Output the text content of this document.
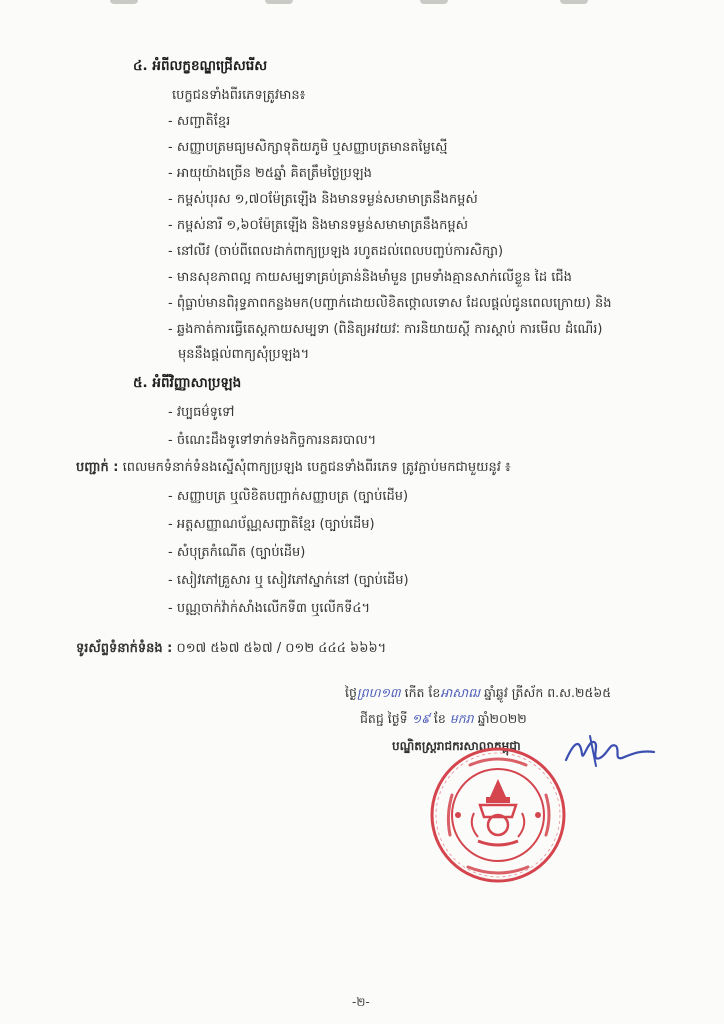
៤. អំពីលក្ខខណ្ឌជ្រើសរើស
បេក្ខជនទាំងពីរភេទត្រូវមាន៖
- សញ្ជាតិខ្មែរ
- សញ្ញាបត្រមធ្យមសិក្សាទុតិយភូមិ ឬសញ្ញាបត្រមានតម្លៃស្មើ
- អាយុយ៉ាងច្រើន ២៥ឆ្នាំ គិតត្រឹមថ្ងៃប្រឡង
- កម្ពស់បុរស ១,៧០ម៉ែត្រឡើង និងមានទម្ងន់សមាមាត្រនឹងកម្ពស់
- កម្ពស់នារី ១,៦០ម៉ែត្រឡើង និងមានទម្ងន់សមាមាត្រនឹងកម្ពស់
- នៅលីវ (ចាប់ពីពេលដាក់ពាក្យប្រឡង រហូតដល់ពេលបញ្ចប់ការសិក្សា)
- មានសុខភាពល្អ កាយសម្បទាគ្រប់គ្រាន់និងមាំមួន ព្រមទាំងគ្មានសាក់លើខ្លួន ដៃ ជើង
- ពុំធ្លាប់មានពិរុទ្ធភាពកន្លងមក(បញ្ជាក់ដោយលិខិតថ្កោលទោស ដែលផ្តល់ជូនពេលក្រោយ) និង
- ឆ្លងកាត់ការធ្វើតេស្តកាយសម្បទា (ពិនិត្យអវយវៈ ការនិយាយស្តី ការស្តាប់ ការមើល ដំណើរ)
មុននឹងផ្តល់ពាក្យសុំប្រឡង។
៥. អំពីវិញ្ញាសាប្រឡង
- វប្បធម៌ទូទៅ
- ចំណេះដឹងទូទៅទាក់ទងកិច្ចការនគរបាល។
បញ្ជាក់ : ពេលមកទំនាក់ទំនងស្នើសុំពាក្យប្រឡង បេក្ខជនទាំងពីរភេទ ត្រូវភ្ជាប់មកជាមួយនូវ ៖
- សញ្ញាបត្រ ឬលិខិតបញ្ជាក់សញ្ញាបត្រ (ច្បាប់ដើម)
- អត្តសញ្ញាណប័ណ្ណសញ្ជាតិខ្មែរ (ច្បាប់ដើម)
- សំបុត្រកំណើត (ច្បាប់ដើម)
- សៀវភៅគ្រួសារ ឬ សៀវភៅស្នាក់នៅ (ច្បាប់ដើម)
- បណ្ណចាក់វ៉ាក់សាំងលើកទី៣ ឬលើកទី៤។
ទូរស័ព្ទទំនាក់ទំនង : ០១៧ ៥៦៧ ៥៦៧ / ០១២ ៤៤៤ ៦៦៦។
ថ្ងៃព្រហ១៣ កើត ខែអាសាឍ ឆ្នាំឆ្លូវ ត្រីស័ក ព.ស.២៥៦៥
ជីតជ្ជ ថ្ងៃទី ១៩ ខែ មករា ឆ្នាំ២០២២
បណ្ឌិតស្រ្តរាជករសាលាកម្ពុជា
-២-
